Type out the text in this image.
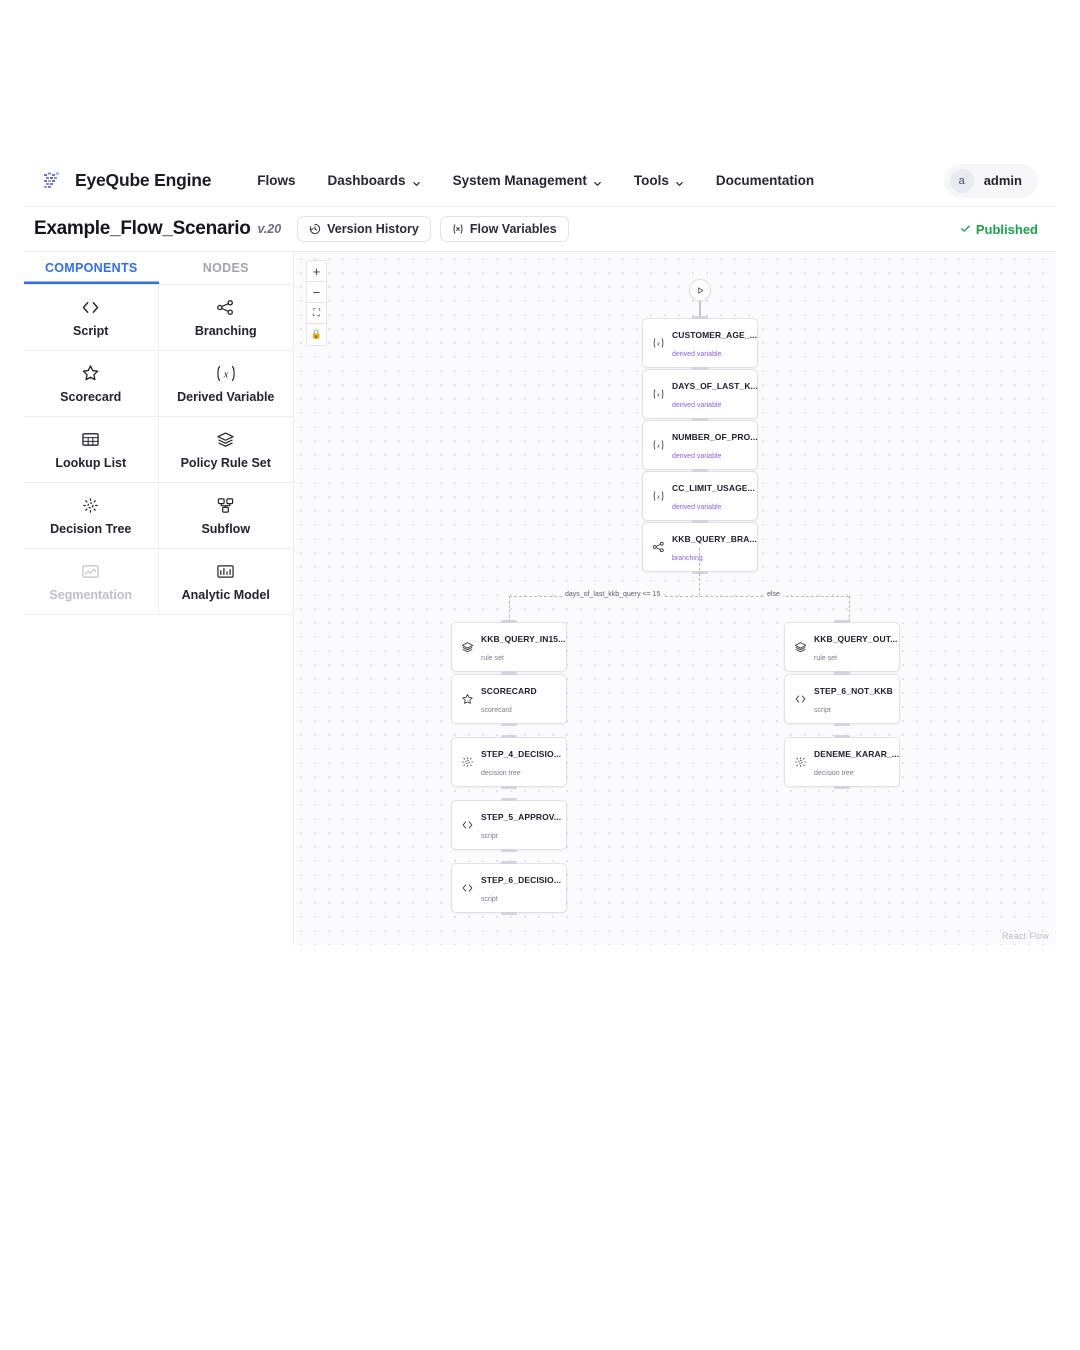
EyeQube Engine	Flows Dashboards	System Management	Tools	Documentation	a	admin
Example_Flow_Scenario v.20	Version History	Flow Variables	Published
COMPONENTS	NODES
Script	Branching
Scorecard
x
Derived Variable
Lookup List	Policy Rule Set
Decision Tree	Subflow
Segmentation	Analytic Model
+
−
⛶
🔒
x
CUSTOMER_AGE_... derived variable
x
DAYS_OF_LAST_K... derived variable
x
NUMBER_OF_PRO... derived variable
x
CC_LIMIT_USAGE... derived variable
KKB_QUERY_BRA... branching
days_of_last_kkb_query <= 15	else
KKB_QUERY_IN15... rule set
SCORECARD scorecard
STEP_4_DECISIO... decision tree
STEP_5_APPROV... script
STEP_6_DECISIO... script
KKB_QUERY_OUT... rule set
STEP_6_NOT_KKB script
DENEME_KARAR_... decision tree
React Flow
